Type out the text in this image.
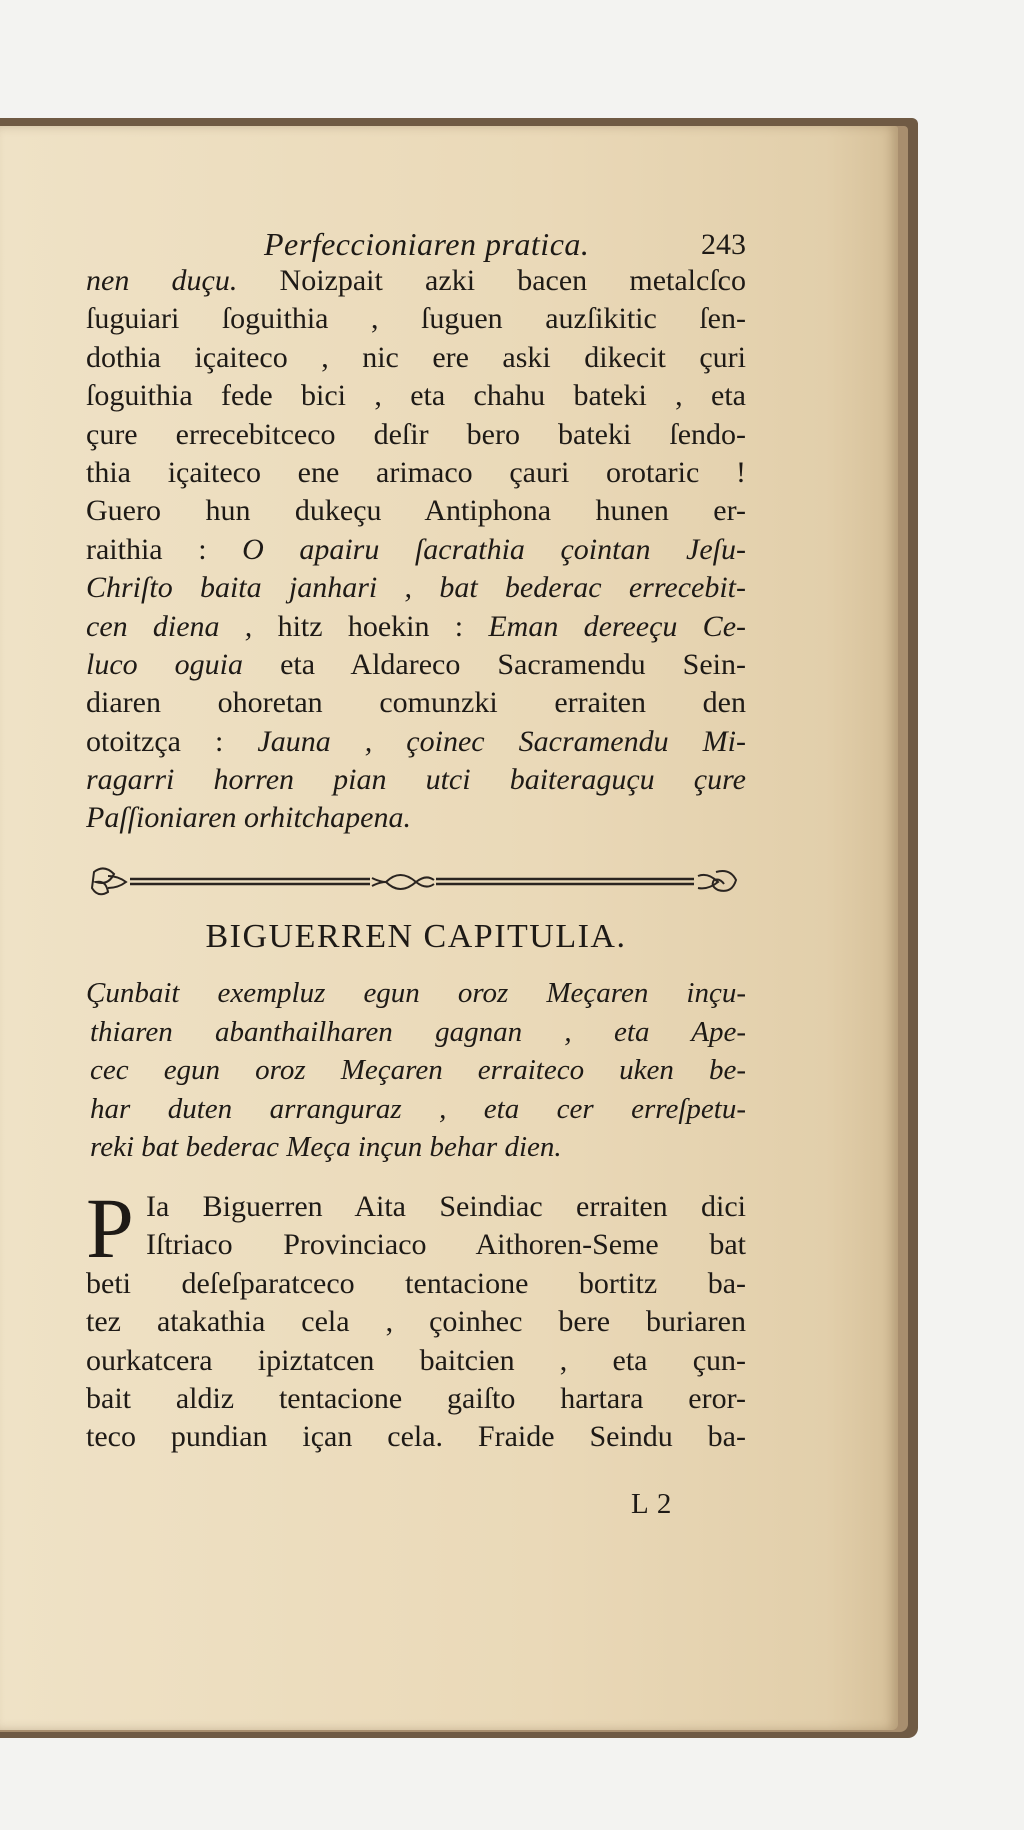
Perfeccioniaren pratica.	243
nen duçu. Noizpait azki bacen metalcſco
ſuguiari ſoguithia , ſuguen auzſikitic ſen-
dothia içaiteco , nic ere aski dikecit çuri
ſoguithia fede bici , eta chahu bateki , eta
çure errecebitceco deſir bero bateki ſendo-
thia içaiteco ene arimaco çauri orotaric !
Guero hun dukeçu Antiphona hunen er-
raithia : O apairu ſacrathia çointan Jeſu-
Chriſto baita janhari , bat bederac errecebit-
cen diena , hitz hoekin : Eman dereeçu Ce-
luco oguia eta Aldareco Sacramendu Sein-
diaren ohoretan comunzki erraiten den
otoitzça : Jauna , çoinec Sacramendu Mi-
ragarri horren pian utci baiteraguçu çure
Paſſioniaren orhitchapena.
BIGUERREN CAPITULIA.
Çunbait exempluz egun oroz Meçaren inçu-
thiaren abanthailharen gagnan , eta Ape-
cec egun oroz Meçaren erraiteco uken be-
har duten arranguraz , eta cer erreſpetu-
reki bat bederac Meça inçun behar dien.
P Ia Biguerren Aita Seindiac erraiten dici
Iſtriaco Provinciaco Aithoren-Seme bat
beti deſeſparatceco tentacione bortitz ba-
tez atakathia cela , çoinhec bere buriaren
ourkatcera ipiztatcen baitcien , eta çun-
bait aldiz tentacione gaiſto hartara eror-
teco pundian içan cela. Fraide Seindu ba-
L 2
